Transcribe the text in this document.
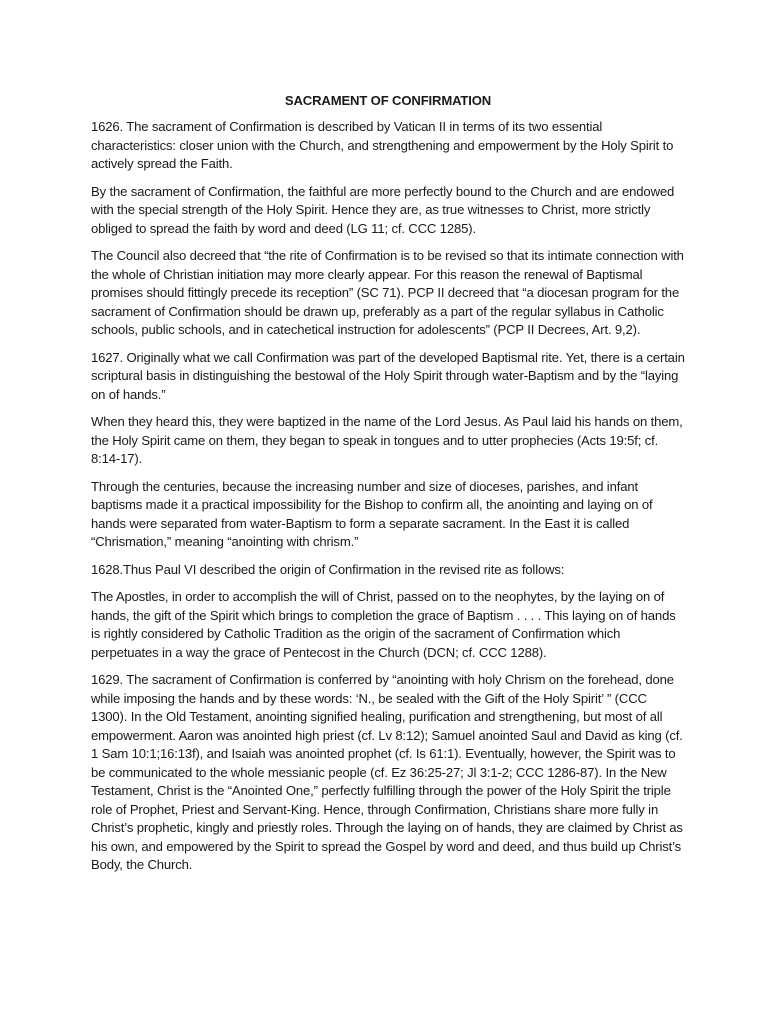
SACRAMENT OF CONFIRMATION

1626. The sacrament of Confirmation is described by Vatican II in terms of its two essential characteristics: closer union with the Church, and strengthening and empowerment by the Holy Spirit to actively spread the Faith.

By the sacrament of Confirmation, the faithful are more perfectly bound to the Church and are endowed with the special strength of the Holy Spirit. Hence they are, as true witnesses to Christ, more strictly obliged to spread the faith by word and deed (LG 11; cf. CCC 1285).

The Council also decreed that “the rite of Confirmation is to be revised so that its intimate connection with the whole of Christian initiation may more clearly appear. For this reason the renewal of Baptismal promises should fittingly precede its reception” (SC 71). PCP II decreed that “a diocesan program for the sacrament of Confirmation should be drawn up, preferably as a part of the regular syllabus in Catholic schools, public schools, and in catechetical instruction for adolescents” (PCP II Decrees, Art. 9,2).

1627. Originally what we call Confirmation was part of the developed Baptismal rite. Yet, there is a certain scriptural basis in distinguishing the bestowal of the Holy Spirit through water-Baptism and by the “laying on of hands.”

When they heard this, they were baptized in the name of the Lord Jesus. As Paul laid his hands on them, the Holy Spirit came on them, they began to speak in tongues and to utter prophecies (Acts 19:5f; cf. 8:14-17).

Through the centuries, because the increasing number and size of dioceses, parishes, and infant baptisms made it a practical impossibility for the Bishop to confirm all, the anointing and laying on of hands were separated from water-Baptism to form a separate sacrament. In the East it is called “Chrismation,” meaning “anointing with chrism.”

1628.Thus Paul VI described the origin of Confirmation in the revised rite as follows:

The Apostles, in order to accomplish the will of Christ, passed on to the neophytes, by the laying on of hands, the gift of the Spirit which brings to completion the grace of Baptism . . . . This laying on of hands is rightly considered by Catholic Tradition as the origin of the sacrament of Confirmation which perpetuates in a way the grace of Pentecost in the Church (DCN; cf. CCC 1288).

1629. The sacrament of Confirmation is conferred by “anointing with holy Chrism on the forehead, done while imposing the hands and by these words: ‘N., be sealed with the Gift of the Holy Spirit’ ” (CCC 1300). In the Old Testament, anointing signified healing, purification and strengthening, but most of all empowerment. Aaron was anointed high priest (cf. Lv 8:12); Samuel anointed Saul and David as king (cf. 1 Sam 10:1;16:13f), and Isaiah was anointed prophet (cf. Is 61:1). Eventually, however, the Spirit was to be communicated to the whole messianic people (cf. Ez 36:25-27; Jl 3:1-2; CCC 1286-87). In the New Testament, Christ is the “Anointed One,” perfectly fulfilling through the power of the Holy Spirit the triple role of Prophet, Priest and Servant-King. Hence, through Confirmation, Christians share more fully in Christ’s prophetic, kingly and priestly roles. Through the laying on of hands, they are claimed by Christ as his own, and empowered by the Spirit to spread the Gospel by word and deed, and thus build up Christ’s Body, the Church.
